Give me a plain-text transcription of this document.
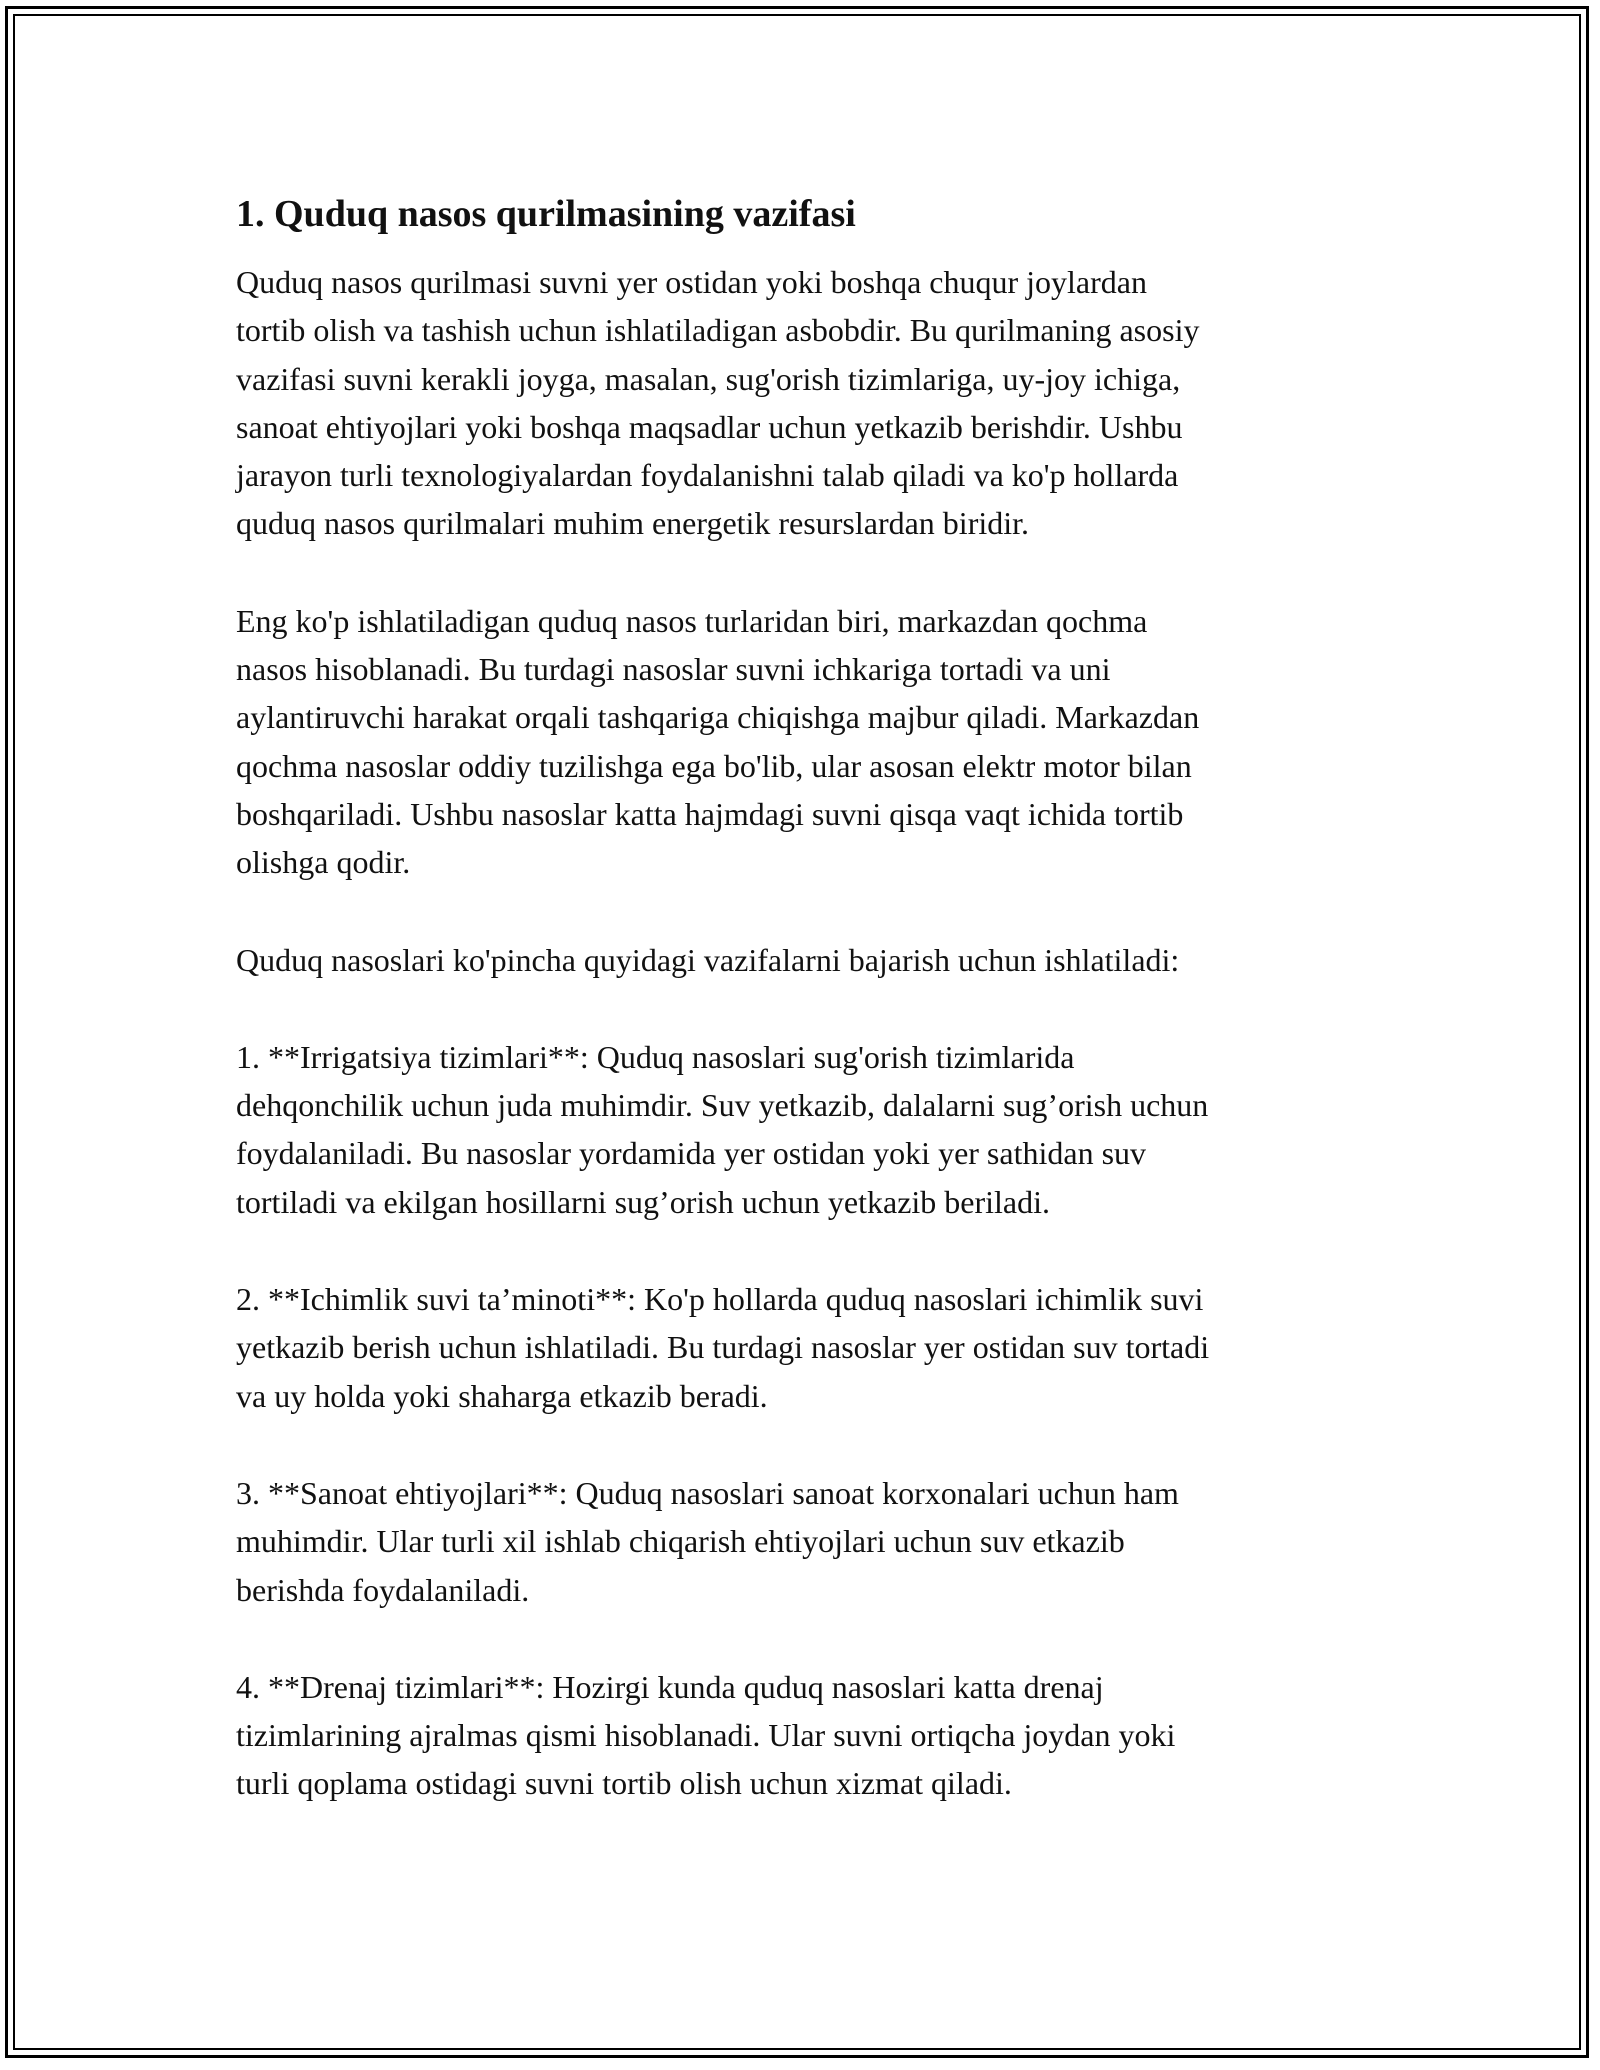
1. Quduq nasos qurilmasining vazifasi

Quduq nasos qurilmasi suvni yer ostidan yoki boshqa chuqur joylardan
tortib olish va tashish uchun ishlatiladigan asbobdir. Bu qurilmaning asosiy
vazifasi suvni kerakli joyga, masalan, sug'orish tizimlariga, uy-joy ichiga,
sanoat ehtiyojlari yoki boshqa maqsadlar uchun yetkazib berishdir. Ushbu
jarayon turli texnologiyalardan foydalanishni talab qiladi va ko'p hollarda
quduq nasos qurilmalari muhim energetik resurslardan biridir.

Eng ko'p ishlatiladigan quduq nasos turlaridan biri, markazdan qochma
nasos hisoblanadi. Bu turdagi nasoslar suvni ichkariga tortadi va uni
aylantiruvchi harakat orqali tashqariga chiqishga majbur qiladi. Markazdan
qochma nasoslar oddiy tuzilishga ega bo'lib, ular asosan elektr motor bilan
boshqariladi. Ushbu nasoslar katta hajmdagi suvni qisqa vaqt ichida tortib
olishga qodir.

Quduq nasoslari ko'pincha quyidagi vazifalarni bajarish uchun ishlatiladi:

1. **Irrigatsiya tizimlari**: Quduq nasoslari sug'orish tizimlarida
dehqonchilik uchun juda muhimdir. Suv yetkazib, dalalarni sug’orish uchun
foydalaniladi. Bu nasoslar yordamida yer ostidan yoki yer sathidan suv
tortiladi va ekilgan hosillarni sug’orish uchun yetkazib beriladi.

2. **Ichimlik suvi ta’minoti**: Ko'p hollarda quduq nasoslari ichimlik suvi
yetkazib berish uchun ishlatiladi. Bu turdagi nasoslar yer ostidan suv tortadi
va uy holda yoki shaharga etkazib beradi.

3. **Sanoat ehtiyojlari**: Quduq nasoslari sanoat korxonalari uchun ham
muhimdir. Ular turli xil ishlab chiqarish ehtiyojlari uchun suv etkazib
berishda foydalaniladi.

4. **Drenaj tizimlari**: Hozirgi kunda quduq nasoslari katta drenaj
tizimlarining ajralmas qismi hisoblanadi. Ular suvni ortiqcha joydan yoki
turli qoplama ostidagi suvni tortib olish uchun xizmat qiladi.
